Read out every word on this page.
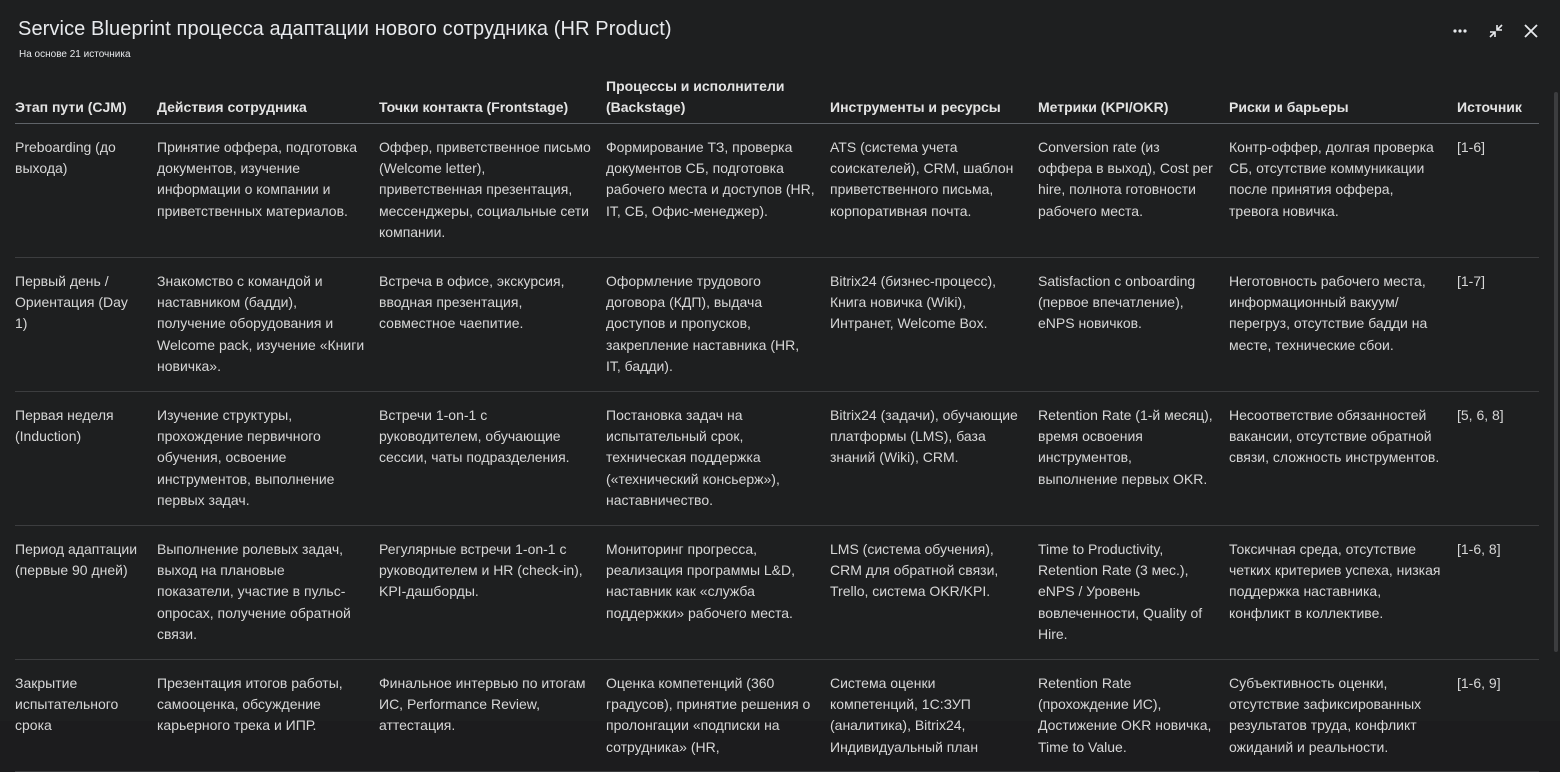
Service Blueprint процесса адаптации нового сотрудника (HR Product)
На основе 21 источника
Этап пути (CJM)	Действия сотрудника	Точки контакта (Frontstage)	Процессы и исполнители (Backstage)	Инструменты и ресурсы	Метрики (KPI/OKR)	Риски и барьеры	Источник
Preboarding (до выхода)	Принятие оффера, подготовка документов, изучение информации о компании и приветственных материалов.	Оффер, приветственное письмо (Welcome letter), приветственная презентация, мессенджеры, социальные сети компании.	Формирование ТЗ, проверка документов СБ, подготовка рабочего места и доступов (HR, IT, СБ, Офис-менеджер).	ATS (система учета соискателей), CRM, шаблон приветственного письма, корпоративная почта.	Conversion rate (из оффера в выход), Cost per hire, полнота готовности рабочего места.	Контр-оффер, долгая проверка СБ, отсутствие коммуникации после принятия оффера, тревога новичка.	[1-6]
Первый день / Ориентация (Day 1)	Знакомство с командой и наставником (бадди), получение оборудования и Welcome pack, изучение «Книги новичка».	Встреча в офисе, экскурсия, вводная презентация, совместное чаепитие.	Оформление трудового договора (КДП), выдача доступов и пропусков, закрепление наставника (HR, IT, бадди).	Bitrix24 (бизнес-процесс), Книга новичка (Wiki), Интранет, Welcome Box.	Satisfaction с onboarding (первое впечатление), eNPS новичков.	Неготовность рабочего места, информационный вакуум/перегруз, отсутствие бадди на месте, технические сбои.	[1-7]
Первая неделя (Induction)	Изучение структуры, прохождение первичного обучения, освоение инструментов, выполнение первых задач.	Встречи 1-on-1 с руководителем, обучающие сессии, чаты подразделения.	Постановка задач на испытательный срок, техническая поддержка («технический консьерж»), наставничество.	Bitrix24 (задачи), обучающие платформы (LMS), база знаний (Wiki), CRM.	Retention Rate (1-й месяц), время освоения инструментов, выполнение первых OKR.	Несоответствие обязанностей вакансии, отсутствие обратной связи, сложность инструментов.	[5, 6, 8]
Период адаптации (первые 90 дней)	Выполнение ролевых задач, выход на плановые показатели, участие в пульс-опросах, получение обратной связи.	Регулярные встречи 1-on-1 с руководителем и HR (check-in), KPI-дашборды.	Мониторинг прогресса, реализация программы L&D, наставник как «служба поддержки» рабочего места.	LMS (система обучения), CRM для обратной связи, Trello, система OKR/KPI.	Time to Productivity, Retention Rate (3 мес.), eNPS / Уровень вовлеченности, Quality of Hire.	Токсичная среда, отсутствие четких критериев успеха, низкая поддержка наставника, конфликт в коллективе.	[1-6, 8]
Закрытие испытательного срока	Презентация итогов работы, самооценка, обсуждение карьерного трека и ИПР.	Финальное интервью по итогам ИС, Performance Review, аттестация.	Оценка компетенций (360 градусов), принятие решения о пролонгации «подписки на сотрудника» (HR,	Система оценки компетенций, 1С:ЗУП (аналитика), Bitrix24, Индивидуальный план	Retention Rate (прохождение ИС), Достижение OKR новичка, Time to Value.	Субъективность оценки, отсутствие зафиксированных результатов труда, конфликт ожиданий и реальности.	[1-6, 9]
